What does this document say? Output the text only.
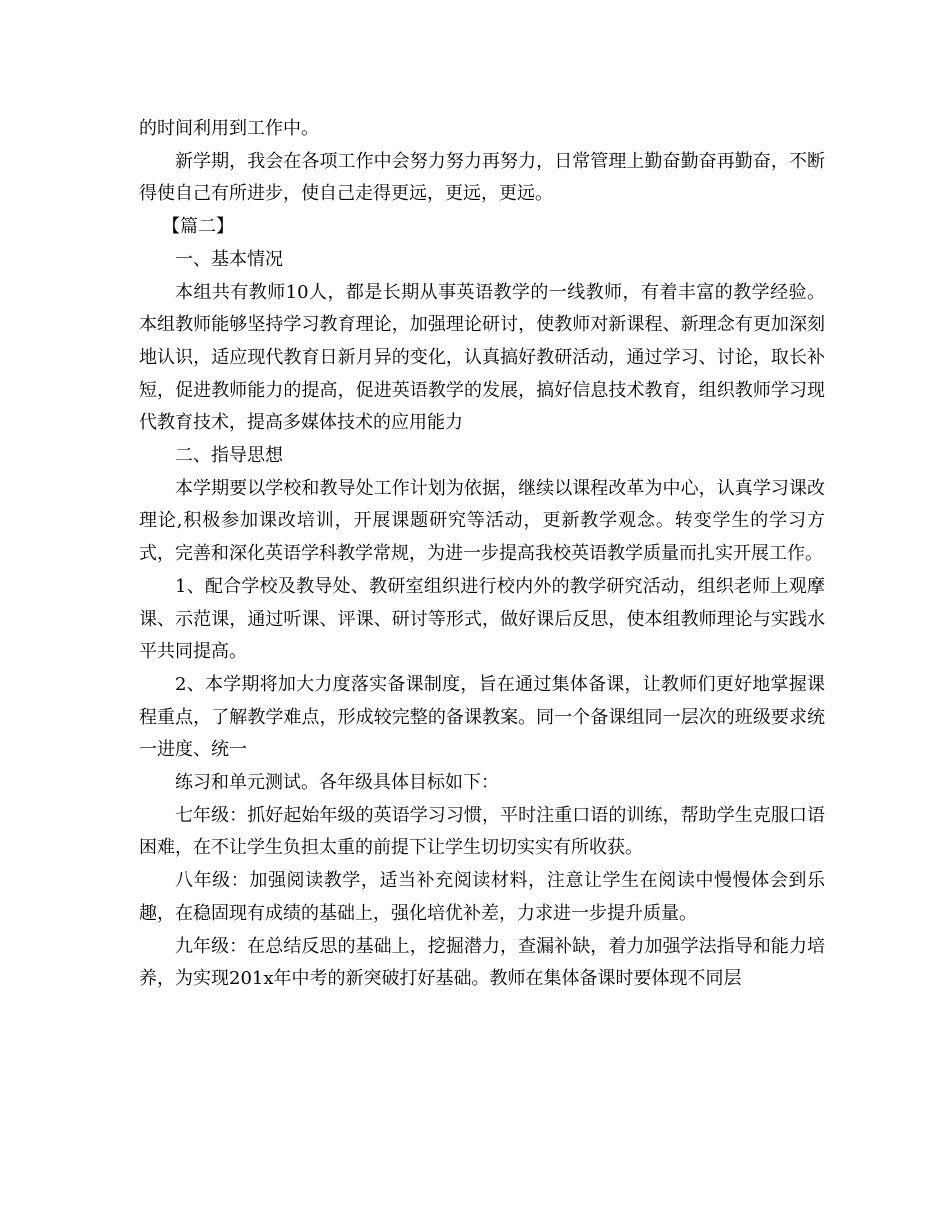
的时间利用到工作中。

新学期，我会在各项工作中会努力努力再努力，日常管理上勤奋勤奋再勤奋，不断得使自己有所进步，使自己走得更远，更远，更远。

【篇二】

一、基本情况

本组共有教师10人，都是长期从事英语教学的一线教师，有着丰富的教学经验。本组教师能够坚持学习教育理论，加强理论研讨，使教师对新课程、新理念有更加深刻地认识，适应现代教育日新月异的变化，认真搞好教研活动，通过学习、讨论，取长补短，促进教师能力的提高，促进英语教学的发展，搞好信息技术教育，组织教师学习现代教育技术，提高多媒体技术的应用能力

二、指导思想

本学期要以学校和教导处工作计划为依据，继续以课程改革为中心，认真学习课改理论,积极参加课改培训，开展课题研究等活动，更新教学观念。转变学生的学习方式，完善和深化英语学科教学常规，为进一步提高我校英语教学质量而扎实开展工作。

1、配合学校及教导处、教研室组织进行校内外的教学研究活动，组织老师上观摩课、示范课，通过听课、评课、研讨等形式，做好课后反思，使本组教师理论与实践水平共同提高。

2、本学期将加大力度落实备课制度，旨在通过集体备课，让教师们更好地掌握课程重点，了解教学难点，形成较完整的备课教案。同一个备课组同一层次的班级要求统一进度、统一

练习和单元测试。各年级具体目标如下：

七年级：抓好起始年级的英语学习习惯，平时注重口语的训练，帮助学生克服口语困难，在不让学生负担太重的前提下让学生切切实实有所收获。

八年级：加强阅读教学，适当补充阅读材料，注意让学生在阅读中慢慢体会到乐趣，在稳固现有成绩的基础上，强化培优补差，力求进一步提升质量。

九年级：在总结反思的基础上，挖掘潜力，查漏补缺，着力加强学法指导和能力培养，为实现201x年中考的新突破打好基础。教师在集体备课时要体现不同层
